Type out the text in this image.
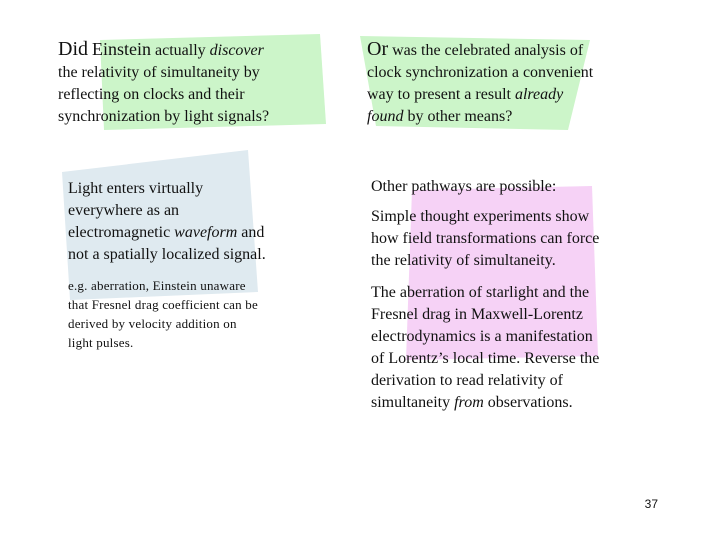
Did Einstein actually discover

the relativity of simultaneity by

reflecting on clocks and their

synchronization by light signals?

Or was the celebrated analysis of

clock synchronization a convenient

way to present a result already

found by other means?

Light enters virtually

everywhere as an

electromagnetic waveform and

not a spatially localized signal.

e.g. aberration, Einstein unaware

that Fresnel drag coefficient can be

derived by velocity addition on

light pulses.

Other pathways are possible:

Simple thought experiments show

how field transformations can force

the relativity of simultaneity.

The aberration of starlight and the

Fresnel drag in Maxwell-Lorentz

electrodynamics is a manifestation

of Lorentz’s local time. Reverse the

derivation to read relativity of

simultaneity from observations.

37
